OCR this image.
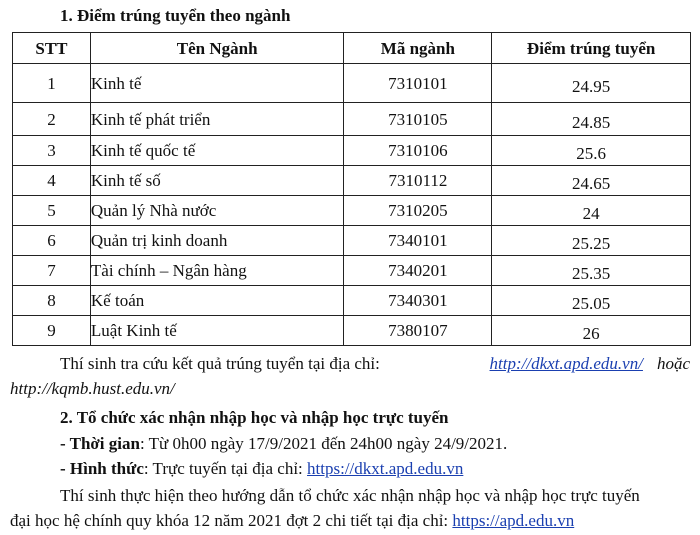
1. Điểm trúng tuyển theo ngành
STT	Tên Ngành	Mã ngành	Điểm trúng tuyển
1	Kinh tế	7310101	24.95
2	Kinh tế phát triển	7310105	24.85
3	Kinh tế quốc tế	7310106	25.6
4	Kinh tế số	7310112	24.65
5	Quản lý Nhà nước	7310205	24
6	Quản trị kinh doanh	7340101	25.25
7	Tài chính – Ngân hàng	7340201	25.35
8	Kế toán	7340301	25.05
9	Luật Kinh tế	7380107	26
Thí sinh tra cứu kết quả trúng tuyển tại địa chỉ:	http://dkxt.apd.edu.vn/ hoặc
http://kqmb.hust.edu.vn/
2. Tổ chức xác nhận nhập học và nhập học trực tuyến
- Thời gian: Từ 0h00 ngày 17/9/2021 đến 24h00 ngày 24/9/2021.
- Hình thức: Trực tuyến tại địa chỉ: https://dkxt.apd.edu.vn
Thí sinh thực hiện theo hướng dẫn tổ chức xác nhận nhập học và nhập học trực tuyến
đại học hệ chính quy khóa 12 năm 2021 đợt 2 chi tiết tại địa chỉ: https://apd.edu.vn
